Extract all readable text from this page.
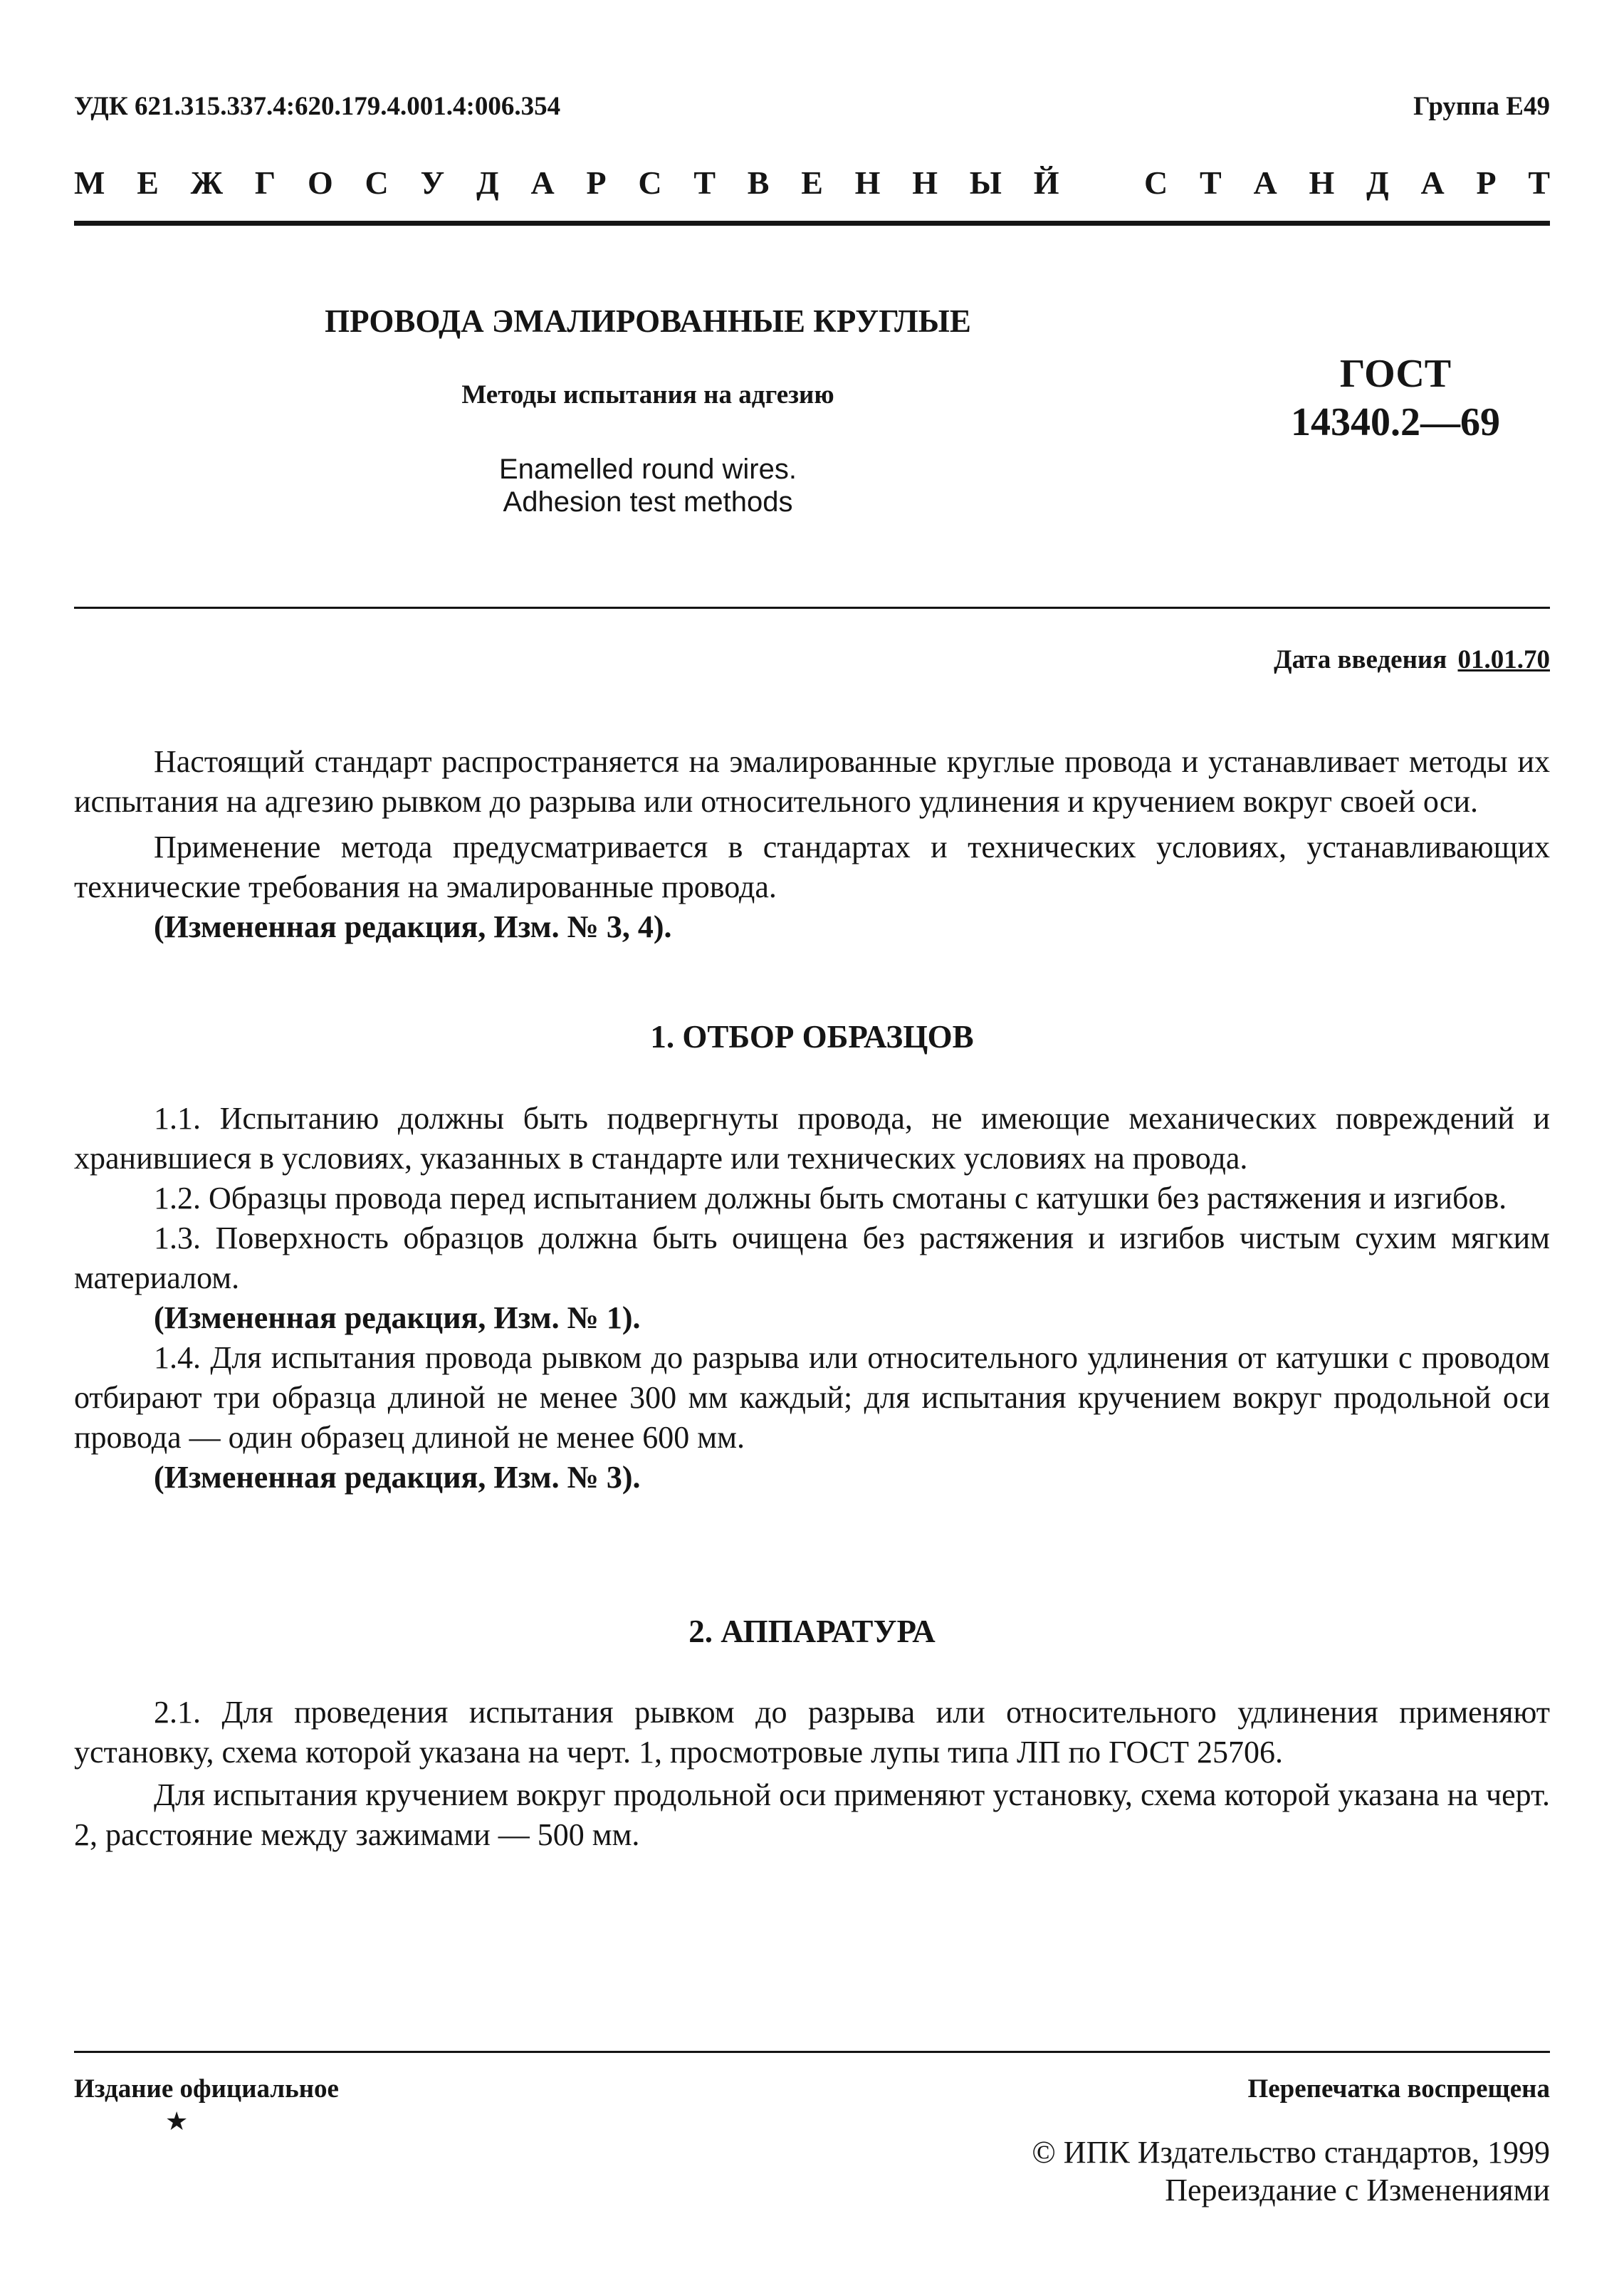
УДК 621.315.337.4:620.179.4.001.4:006.354	Группа Е49
М Е Ж Г О С У Д А Р С Т В Е Н Н Ы Й	С Т А Н Д А Р Т
ПРОВОДА ЭМАЛИРОВАННЫЕ КРУГЛЫЕ
Методы испытания на адгезию
Enamelled round wires.
Adhesion test methods
ГОСТ
14340.2—69
Дата введения 01.01.70

Настоящий стандарт распространяется на эмалированные круглые провода и устанавливает методы их испытания на адгезию рывком до разрыва или относительного удлинения и кручением вокруг своей оси.

Применение метода предусматривается в стандартах и технических условиях, устанавливающих технические требования на эмалированные провода.

(Измененная редакция, Изм. № 3, 4).

1. ОТБОР ОБРАЗЦОВ

1.1. Испытанию должны быть подвергнуты провода, не имеющие механических повреждений и хранившиеся в условиях, указанных в стандарте или технических условиях на провода.

1.2. Образцы провода перед испытанием должны быть смотаны с катушки без растяжения и изгибов.

1.3. Поверхность образцов должна быть очищена без растяжения и изгибов чистым сухим мягким материалом.

(Измененная редакция, Изм. № 1).

1.4. Для испытания провода рывком до разрыва или относительного удлинения от катушки с проводом отбирают три образца длиной не менее 300 мм каждый; для испытания кручением вокруг продольной оси провода — один образец длиной не менее 600 мм.

(Измененная редакция, Изм. № 3).

2. АППАРАТУРА

2.1. Для проведения испытания рывком до разрыва или относительного удлинения применяют установку, схема которой указана на черт. 1, просмотровые лупы типа ЛП по ГОСТ 25706.

Для испытания кручением вокруг продольной оси применяют установку, схема которой указана на черт. 2, расстояние между зажимами — 500 мм.

Издание официальное
★
Перепечатка воспрещена
© ИПК Издательство стандартов, 1999
Переиздание с Изменениями
